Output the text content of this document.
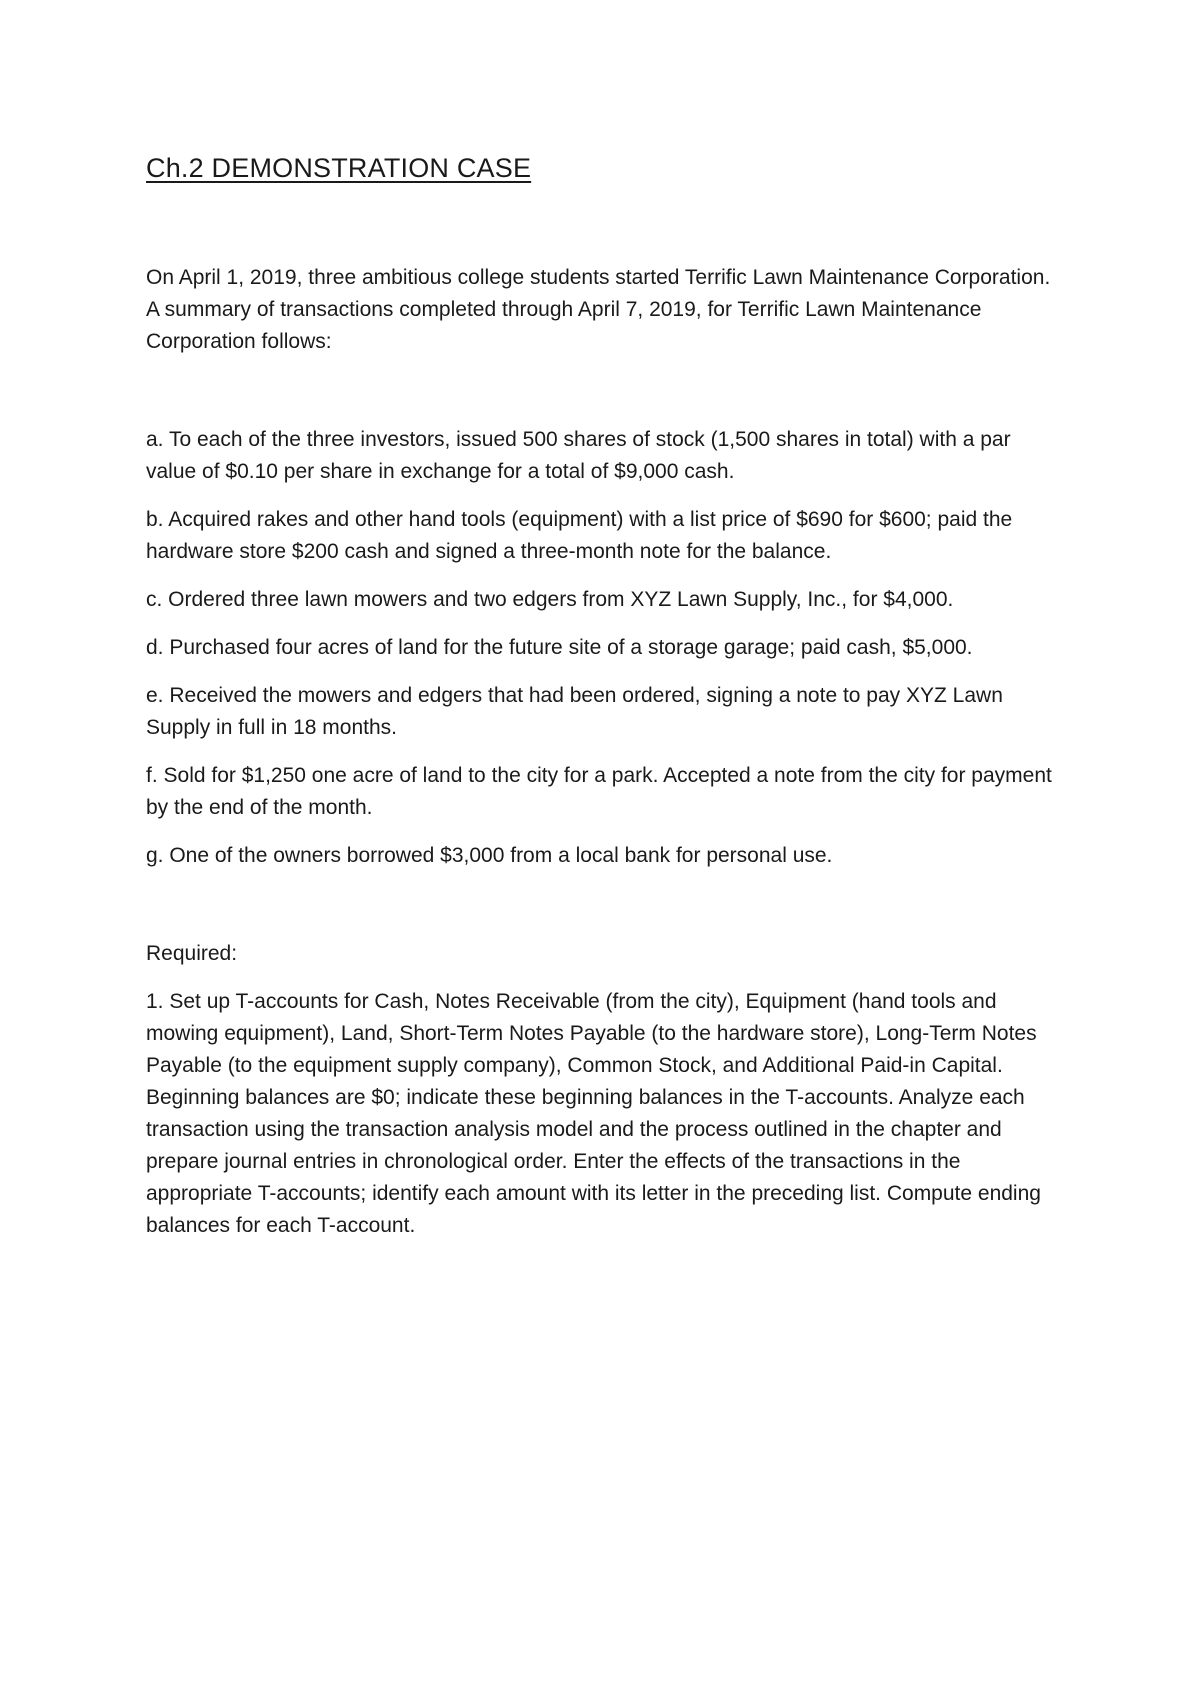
Ch.2 DEMONSTRATION CASE

On April 1, 2019, three ambitious college students started Terrific Lawn Maintenance Corporation. A summary of transactions completed through April 7, 2019, for Terrific Lawn Maintenance Corporation follows:

a. To each of the three investors, issued 500 shares of stock (1,500 shares in total) with a par value of $0.10 per share in exchange for a total of $9,000 cash.
b. Acquired rakes and other hand tools (equipment) with a list price of $690 for $600; paid the hardware store $200 cash and signed a three-month note for the balance.
c. Ordered three lawn mowers and two edgers from XYZ Lawn Supply, Inc., for $4,000.
d. Purchased four acres of land for the future site of a storage garage; paid cash, $5,000.
e. Received the mowers and edgers that had been ordered, signing a note to pay XYZ Lawn Supply in full in 18 months.
f. Sold for $1,250 one acre of land to the city for a park. Accepted a note from the city for payment by the end of the month.
g. One of the owners borrowed $3,000 from a local bank for personal use.

Required:

1. Set up T-accounts for Cash, Notes Receivable (from the city), Equipment (hand tools and mowing equipment), Land, Short-Term Notes Payable (to the hardware store), Long-Term Notes Payable (to the equipment supply company), Common Stock, and Additional Paid-in Capital. Beginning balances are $0; indicate these beginning balances in the T-accounts. Analyze each transaction using the transaction analysis model and the process outlined in the chapter and prepare journal entries in chronological order. Enter the effects of the transactions in the appropriate T-accounts; identify each amount with its letter in the preceding list. Compute ending balances for each T-account.
